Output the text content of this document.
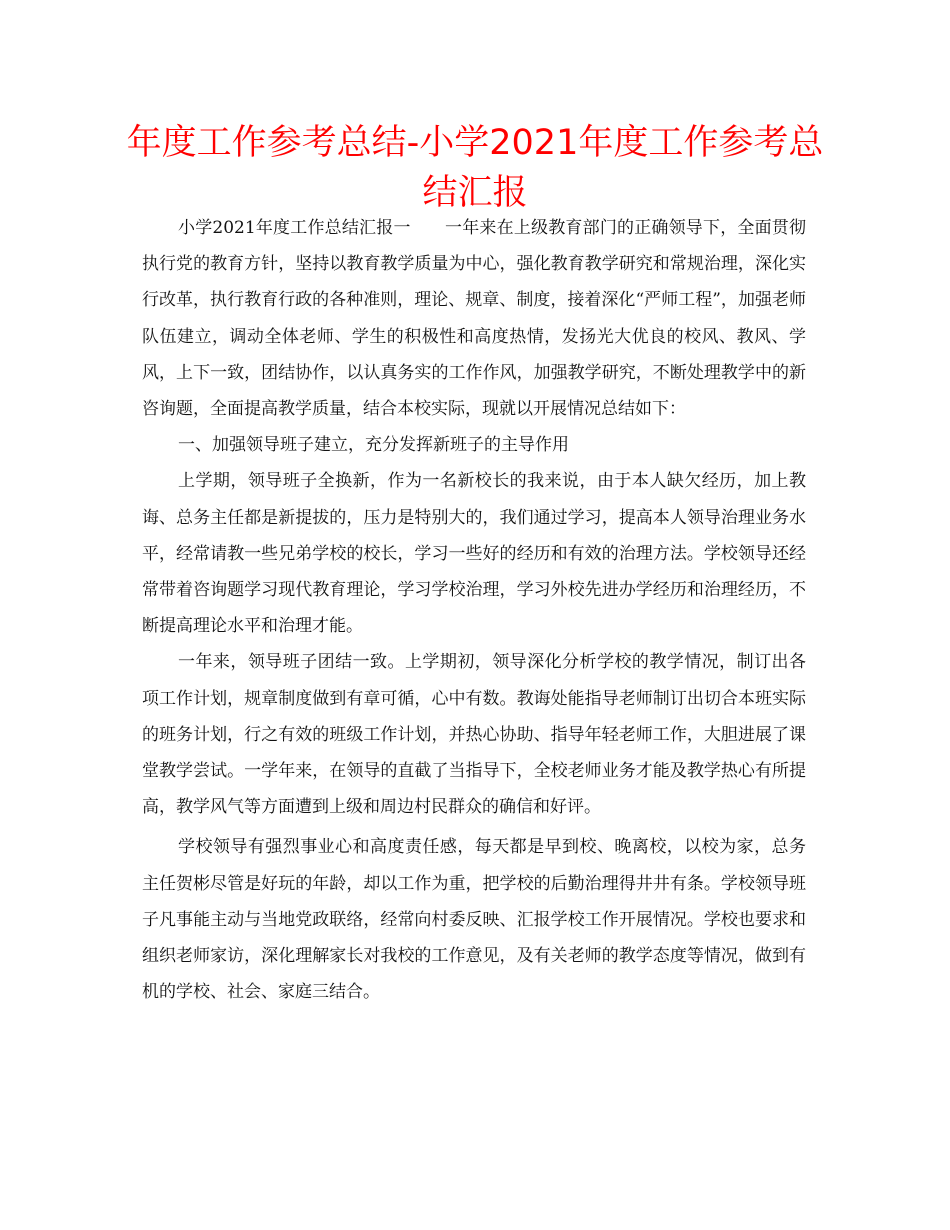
年度工作参考总结-小学2021年度工作参考总结汇报

小学2021年度工作总结汇报一　　一年来在上级教育部门的正确领导下，全面贯彻执行党的教育方针，坚持以教育教学质量为中心，强化教育教学研究和常规治理，深化实行改革，执行教育行政的各种准则，理论、规章、制度，接着深化“严师工程”，加强老师队伍建立，调动全体老师、学生的积极性和高度热情，发扬光大优良的校风、教风、学风，上下一致，团结协作，以认真务实的工作作风，加强教学研究，不断处理教学中的新咨询题，全面提高教学质量，结合本校实际，现就以开展情况总结如下：

一、加强领导班子建立，充分发挥新班子的主导作用

上学期，领导班子全换新，作为一名新校长的我来说，由于本人缺欠经历，加上教诲、总务主任都是新提拔的，压力是特别大的，我们通过学习，提高本人领导治理业务水平，经常请教一些兄弟学校的校长，学习一些好的经历和有效的治理方法。学校领导还经常带着咨询题学习现代教育理论，学习学校治理，学习外校先进办学经历和治理经历，不断提高理论水平和治理才能。

一年来，领导班子团结一致。上学期初，领导深化分析学校的教学情况，制订出各项工作计划，规章制度做到有章可循，心中有数。教诲处能指导老师制订出切合本班实际的班务计划，行之有效的班级工作计划，并热心协助、指导年轻老师工作，大胆进展了课堂教学尝试。一学年来，在领导的直截了当指导下，全校老师业务才能及教学热心有所提高，教学风气等方面遭到上级和周边村民群众的确信和好评。

学校领导有强烈事业心和高度责任感，每天都是早到校、晚离校，以校为家，总务主任贺彬尽管是好玩的年龄，却以工作为重，把学校的后勤治理得井井有条。学校领导班子凡事能主动与当地党政联络，经常向村委反映、汇报学校工作开展情况。学校也要求和组织老师家访，深化理解家长对我校的工作意见，及有关老师的教学态度等情况，做到有机的学校、社会、家庭三结合。
